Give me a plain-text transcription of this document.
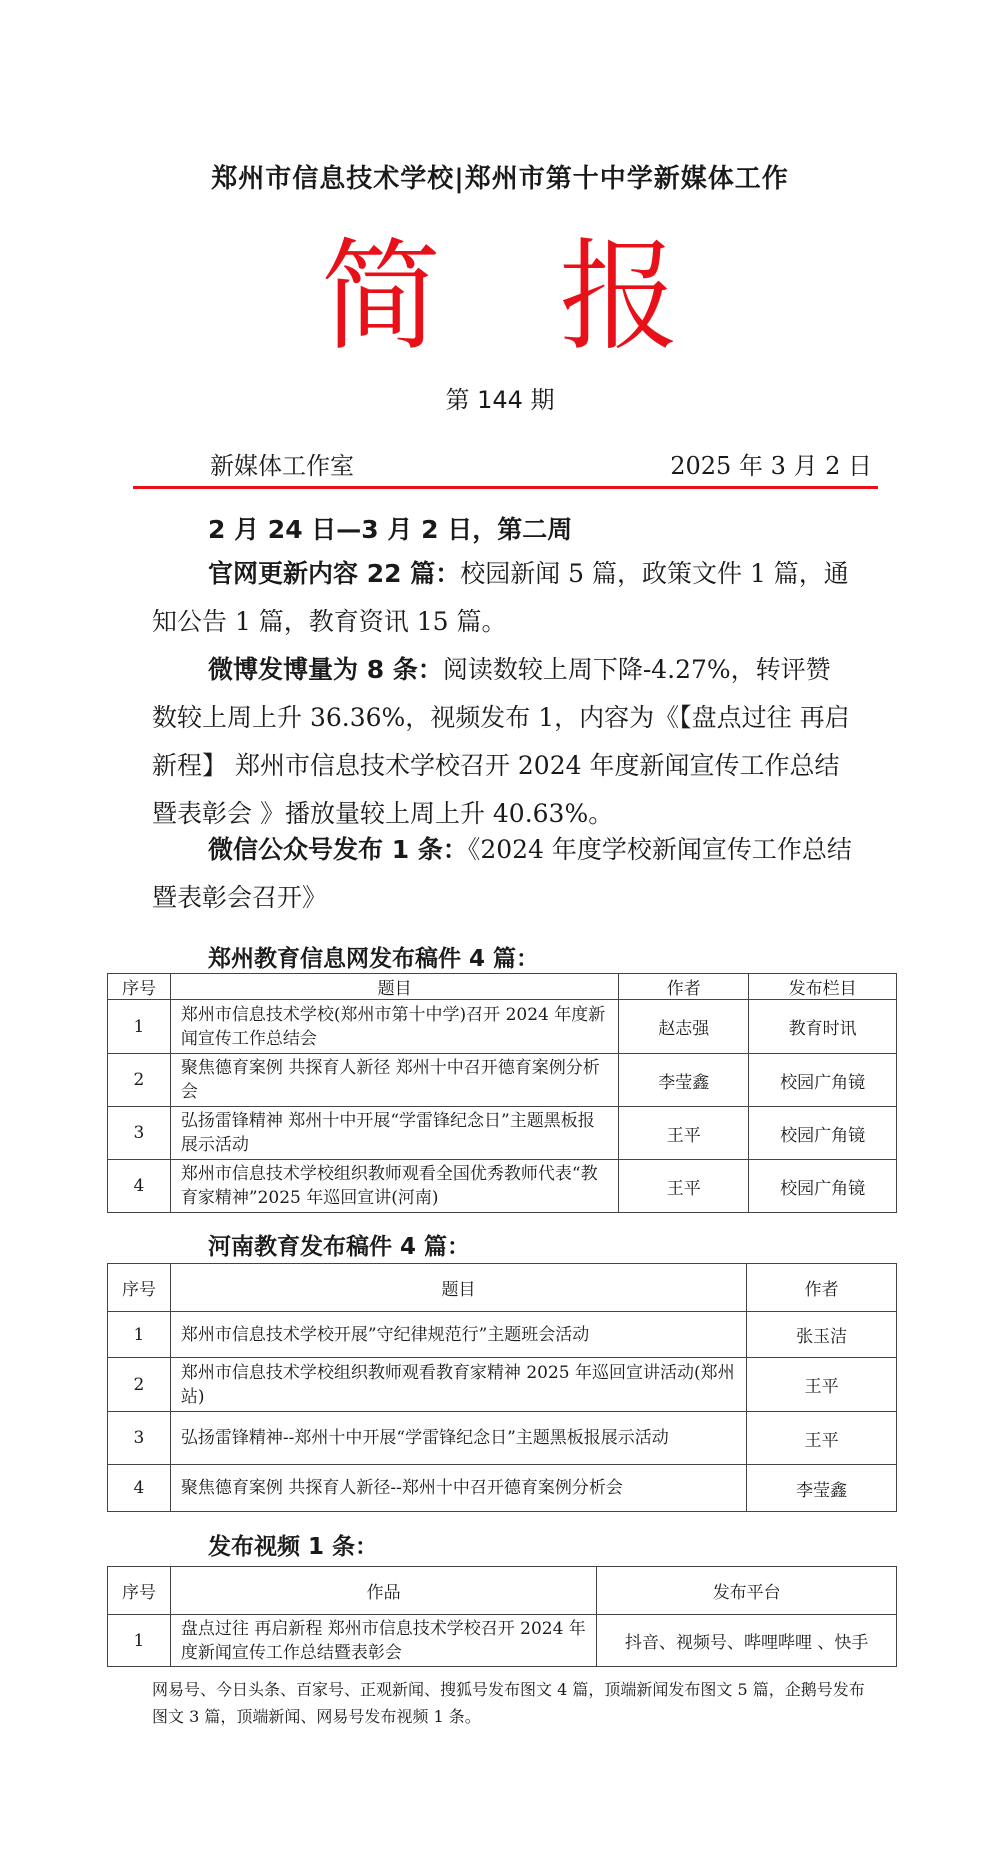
郑州市信息技术学校|郑州市第十中学新媒体工作
简 报
第 144 期
新媒体工作室	2025 年 3 月 2 日
2 月 24 日—3 月 2 日，第二周
官网更新内容 22 篇：校园新闻 5 篇，政策文件 1 篇，通知公告 1 篇，教育资讯 15 篇。
微博发博量为 8 条：阅读数较上周下降-4.27%，转评赞数较上周上升 36.36%，视频发布 1，内容为《【盘点过往 再启新程】 郑州市信息技术学校召开 2024 年度新闻宣传工作总结暨表彰会 》播放量较上周上升 40.63%。
微信公众号发布 1 条：《2024 年度学校新闻宣传工作总结暨表彰会召开》
郑州教育信息网发布稿件 4 篇：
序号	题目	作者	发布栏目
1	郑州市信息技术学校(郑州市第十中学)召开 2024 年度新闻宣传工作总结会	赵志强	教育时讯
2	聚焦德育案例 共探育人新径 郑州十中召开德育案例分析会	李莹鑫	校园广角镜
3	弘扬雷锋精神 郑州十中开展“学雷锋纪念日”主题黑板报展示活动	王平	校园广角镜
4	郑州市信息技术学校组织教师观看全国优秀教师代表“教育家精神”2025 年巡回宣讲(河南)	王平	校园广角镜
河南教育发布稿件 4 篇：
序号	题目	作者
1	郑州市信息技术学校开展”守纪律规范行”主题班会活动	张玉洁
2	郑州市信息技术学校组织教师观看教育家精神 2025 年巡回宣讲活动(郑州站)	王平
3	弘扬雷锋精神--郑州十中开展“学雷锋纪念日”主题黑板报展示活动	王平
4	聚焦德育案例 共探育人新径--郑州十中召开德育案例分析会	李莹鑫
发布视频 1 条：
序号	作品	发布平台
1	盘点过往 再启新程 郑州市信息技术学校召开 2024 年度新闻宣传工作总结暨表彰会	抖音、视频号、哔哩哔哩 、快手
网易号、今日头条、百家号、正观新闻、搜狐号发布图文 4 篇，顶端新闻发布图文 5 篇，企鹅号发布图文 3 篇，顶端新闻、网易号发布视频 1 条。
